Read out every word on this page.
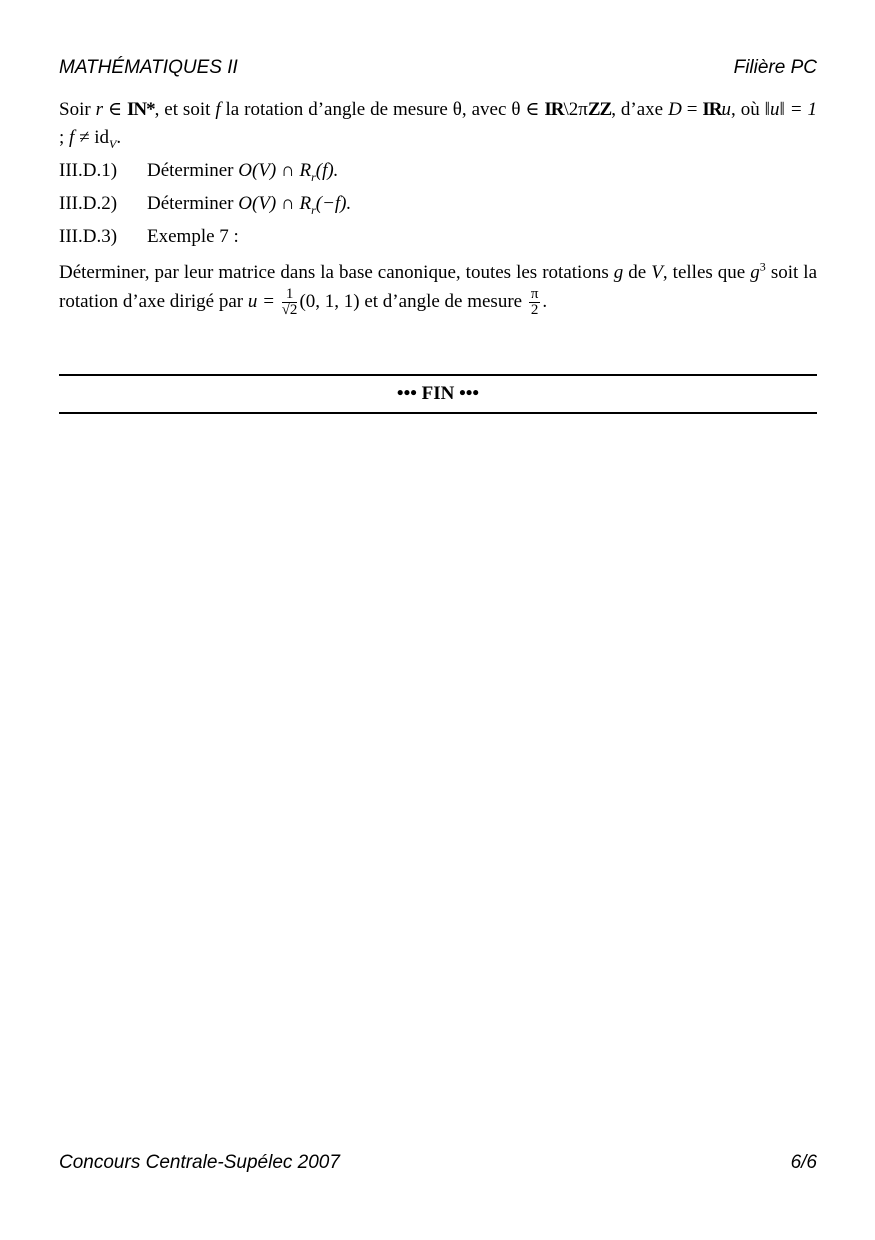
MATHÉMATIQUES II	Filière PC

Soir r ∈ IN*, et soit f la rotation d’angle de mesure θ, avec θ ∈ IR\2πZZ, d’axe D = IRu, où ‖u‖ = 1 ; $f \ne id_V$.

III.D.1) Déterminer O(V) ∩ $R_r(f)$.
III.D.2) Déterminer O(V) ∩ $R_r(-f)$.
III.D.3) Exemple 7 :

Déterminer, par leur matrice dans la base canonique, toutes les rotations g de V, telles que $g^3$ soit la rotation d’axe dirigé par $u = \frac{1}{√2} (0$, 1, 1) et d’angle de mesure $\frac{\pi}{2}$ .

••• FIN •••
Concours Centrale-Supélec 2007	6/6
